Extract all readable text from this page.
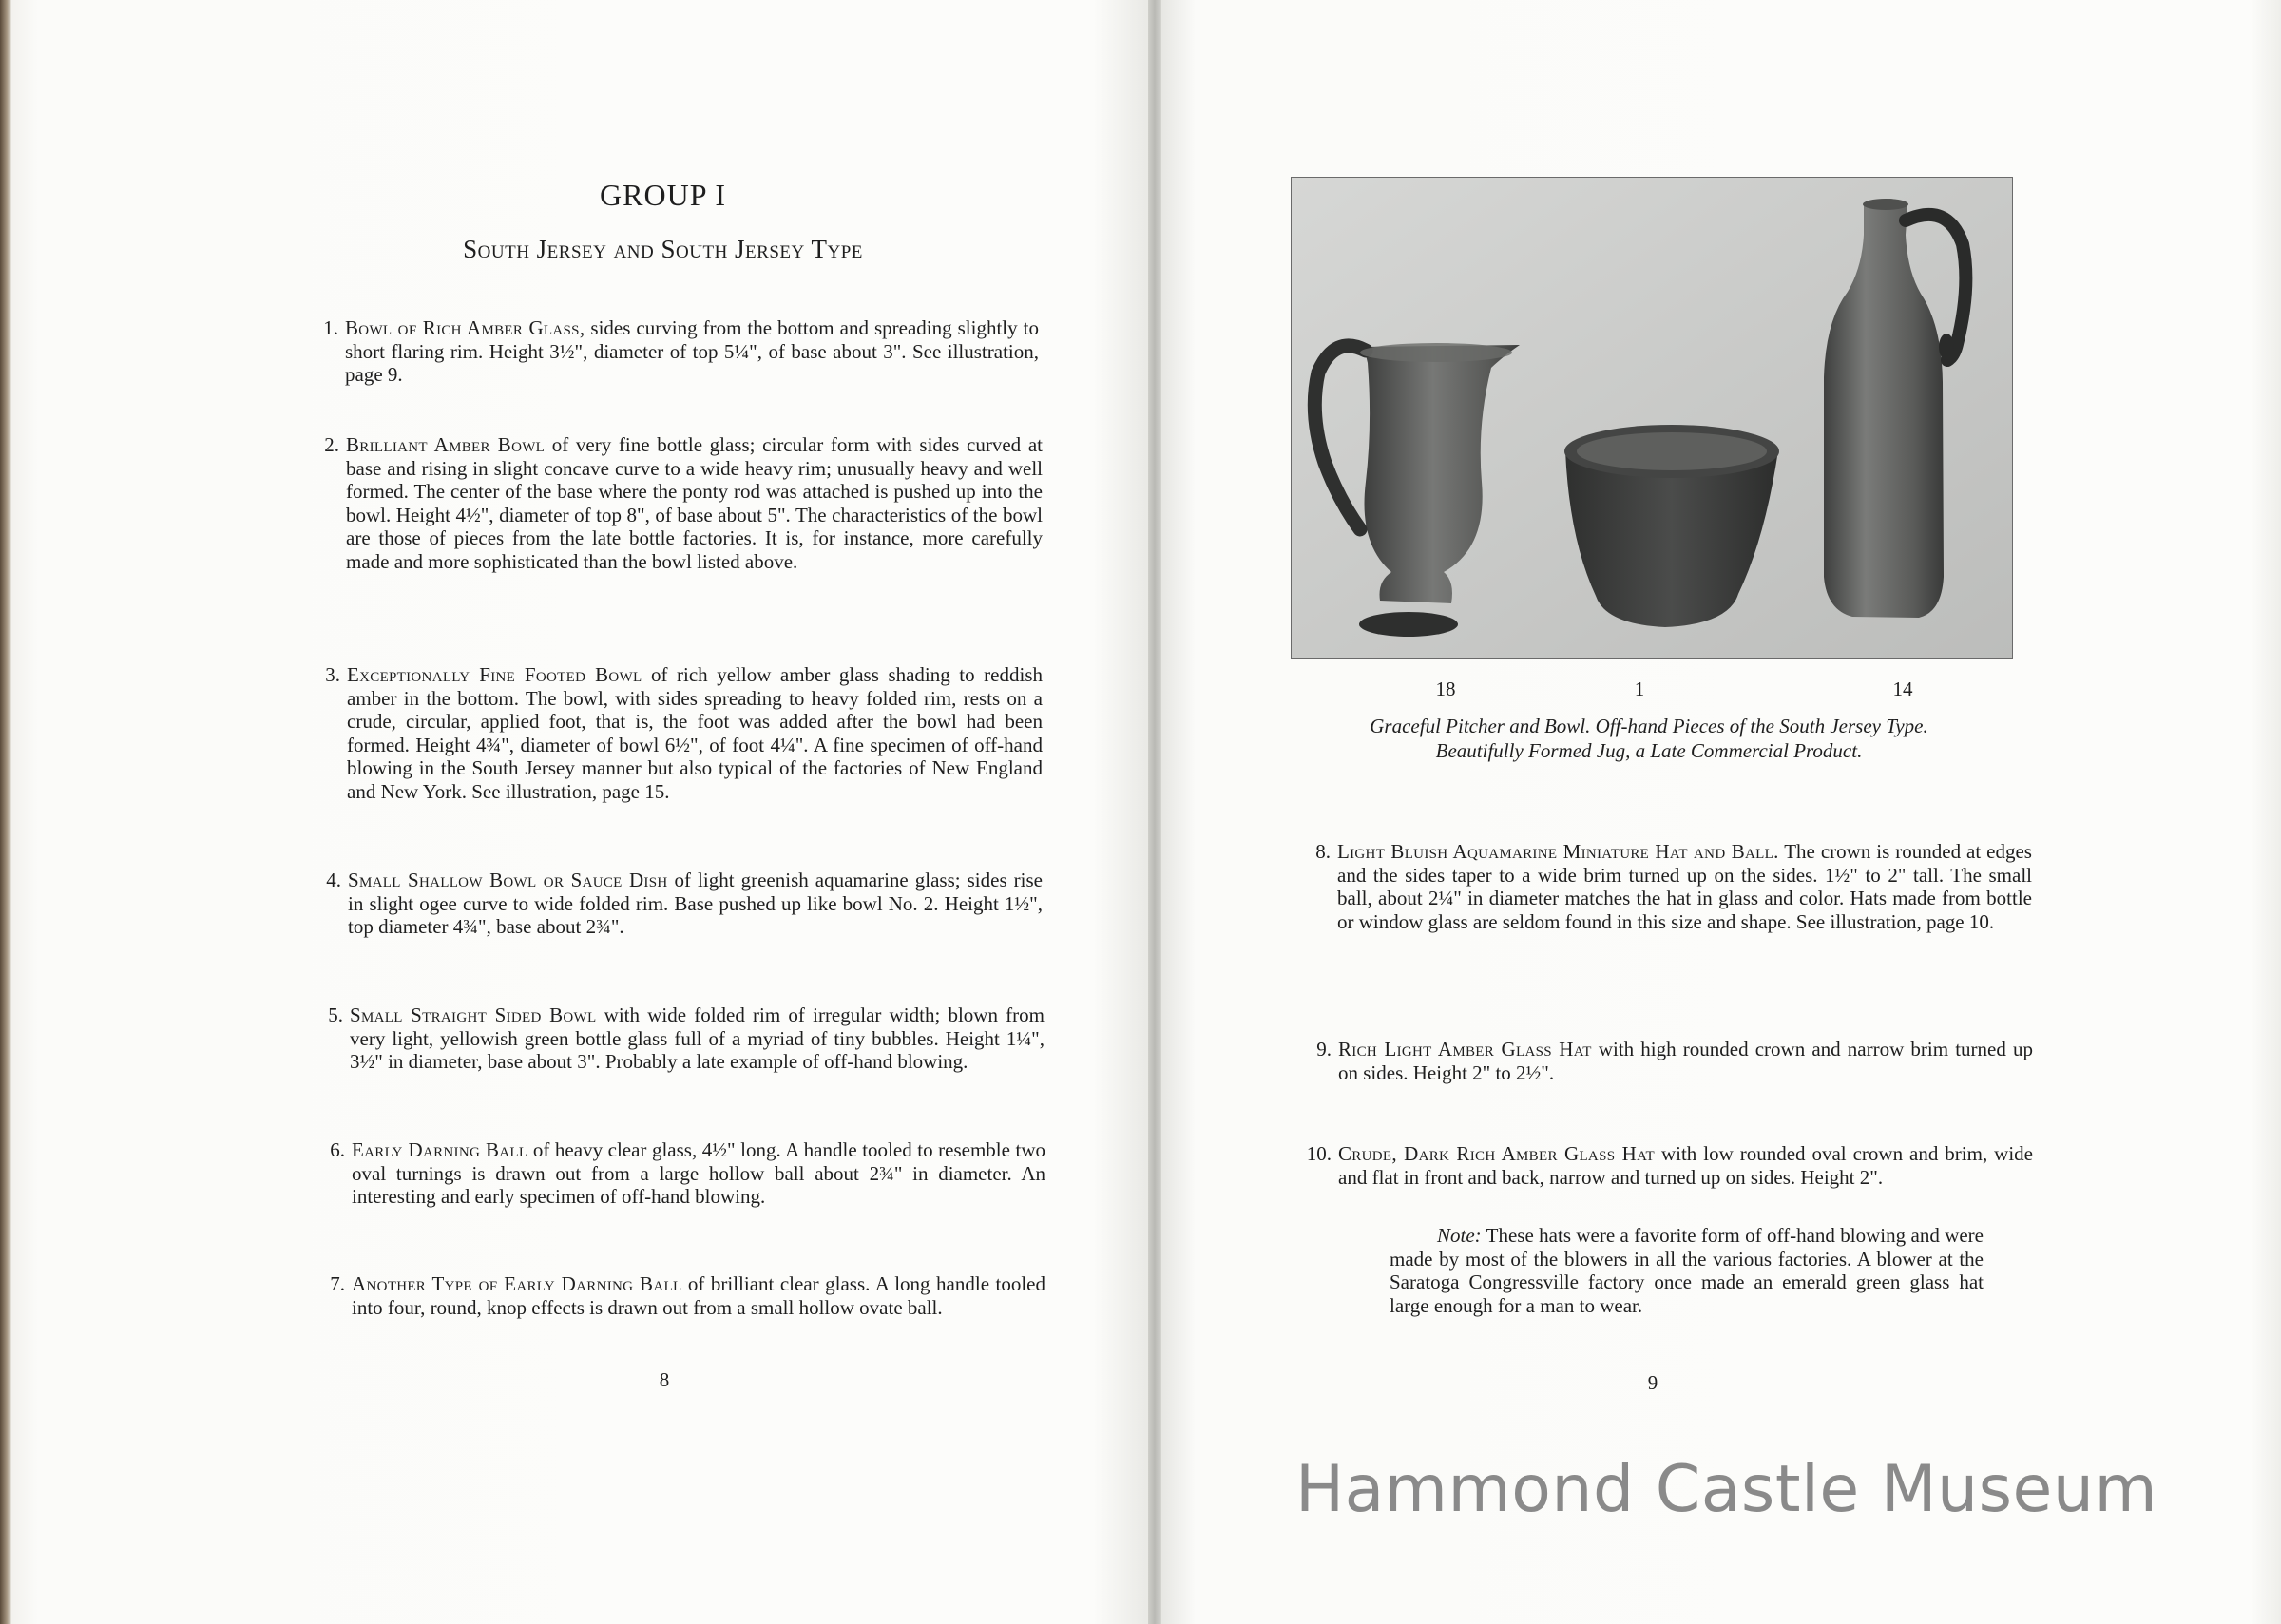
GROUP I
South Jersey and South Jersey Type
1. Bowl of Rich Amber Glass, sides curving from the bottom and spreading slightly to short flaring rim. Height 3½", diameter of top 5¼", of base about 3". See illustration, page 9.
2. Brilliant Amber Bowl of very fine bottle glass; circular form with sides curved at base and rising in slight concave curve to a wide heavy rim; unusually heavy and well formed. The center of the base where the ponty rod was attached is pushed up into the bowl. Height 4½", diameter of top 8", of base about 5". The characteristics of the bowl are those of pieces from the late bottle factories. It is, for instance, more carefully made and more sophisticated than the bowl listed above.
3. Exceptionally Fine Footed Bowl of rich yellow amber glass shading to reddish amber in the bottom. The bowl, with sides spreading to heavy folded rim, rests on a crude, circular, applied foot, that is, the foot was added after the bowl had been formed. Height 4¾", diameter of bowl 6½", of foot 4¼". A fine specimen of off-hand blowing in the South Jersey manner but also typical of the factories of New England and New York. See illustration, page 15.
4. Small Shallow Bowl or Sauce Dish of light greenish aquamarine glass; sides rise in slight ogee curve to wide folded rim. Base pushed up like bowl No. 2. Height 1½", top diameter 4¾", base about 2¾".
5. Small Straight Sided Bowl with wide folded rim of irregular width; blown from very light, yellowish green bottle glass full of a myriad of tiny bubbles. Height 1¼", 3½" in diameter, base about 3". Probably a late example of off-hand blowing.
6. Early Darning Ball of heavy clear glass, 4½" long. A handle tooled to resemble two oval turnings is drawn out from a large hollow ball about 2¾" in diameter. An interesting and early specimen of off-hand blowing.
7. Another Type of Early Darning Ball of brilliant clear glass. A long handle tooled into four, round, knop effects is drawn out from a small hollow ovate ball.
8
18	1	14
Graceful Pitcher and Bowl. Off-hand Pieces of the South Jersey Type.
Beautifully Formed Jug, a Late Commercial Product.
8. Light Bluish Aquamarine Miniature Hat and Ball. The crown is rounded at edges and the sides taper to a wide brim turned up on the sides. 1½" to 2" tall. The small ball, about 2¼" in diameter matches the hat in glass and color. Hats made from bottle or window glass are seldom found in this size and shape. See illustration, page 10.
9. Rich Light Amber Glass Hat with high rounded crown and narrow brim turned up on sides. Height 2" to 2½".
10. Crude, Dark Rich Amber Glass Hat with low rounded oval crown and brim, wide and flat in front and back, narrow and turned up on sides. Height 2".
Note: These hats were a favorite form of off-hand blowing and were made by most of the blowers in all the various factories. A blower at the Saratoga Congressville factory once made an emerald green glass hat large enough for a man to wear.
9
Hammond Castle Museum
